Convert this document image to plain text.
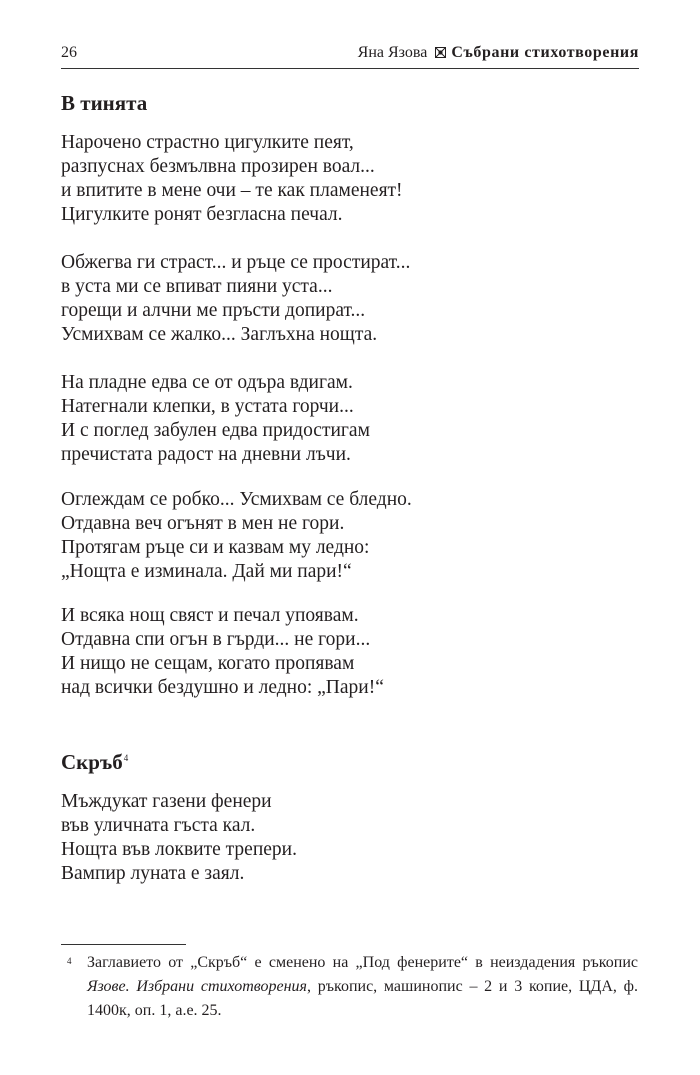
26	Яна Язова Събрани стихотворения
В тинята
Нарочено страстно цигулките пеят,
разпуснах безмълвна прозирен воал...
и впитите в мене очи – те как пламенеят!
Цигулките ронят безгласна печал.
Обжегва ги страст... и ръце се простират...
в уста ми се впиват пияни уста...
горещи и алчни ме пръсти допират...
Усмихвам се жалко... Заглъхна нощта.
На пладне едва се от одъра вдигам.
Натегнали клепки, в устата горчи...
И с поглед забулен едва придостигам
пречистата радост на дневни лъчи.
Оглеждам се робко... Усмихвам се бледно.
Отдавна веч огънят в мен не гори.
Протягам ръце си и казвам му ледно:
„Нощта е изминала. Дай ми пари!“
И всяка нощ свяст и печал упоявам.
Отдавна спи огън в гърди... не гори...
И нищо не сещам, когато пропявам
над всички бездушно и ледно: „Пари!“
Скръб$^4$
Мъждукат газени фенери
във уличната гъста кал.
Нощта във локвите трепери.
Вампир луната е заял.
4 Заглавието от „Скръб“ е сменено на „Под фенерите“ в неиздадения ръкопис Язове. Избрани стихотворения, ръкопис, машинопис – 2 и 3 копие, ЦДА, ф. 1400к, оп. 1, а.е. 25.
